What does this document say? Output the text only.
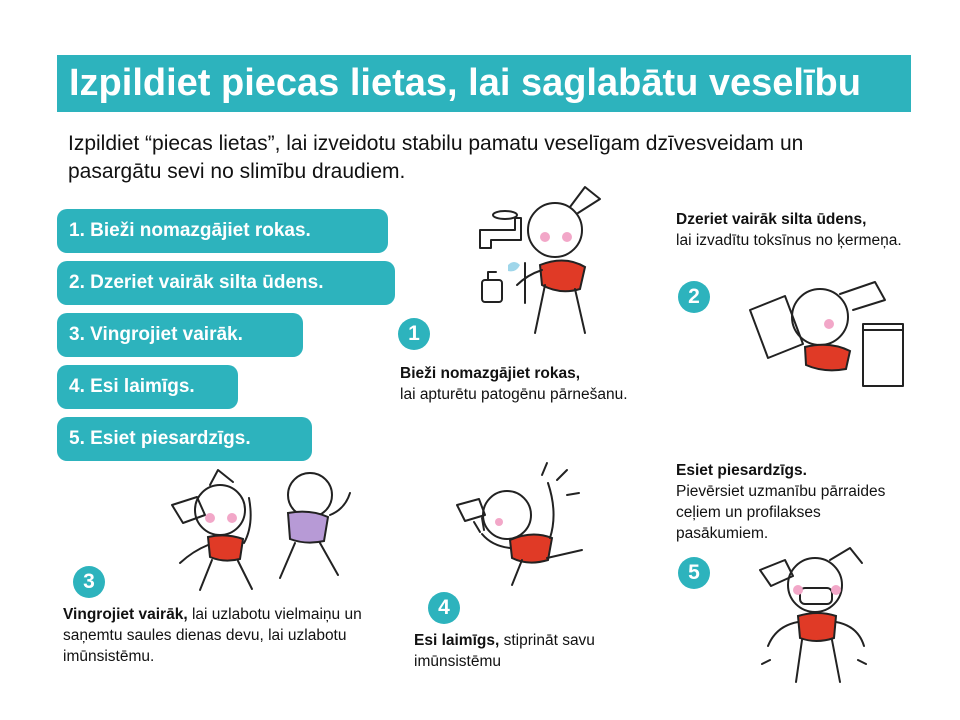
Izpildiet piecas lietas, lai saglabātu veselību
Izpildiet “piecas lietas”, lai izveidotu stabilu pamatu veselīgam dzīvesveidam un pasargātu sevi no slimību draudiem.
1. Bieži nomazgājiet rokas.
2. Dzeriet vairāk silta ūdens.
3. Vingrojiet vairāk.
4. Esi laimīgs.
5. Esiet piesardzīgs.
1
Bieži nomazgājiet rokas,
lai apturētu patogēnu pārnešanu.
2
Dzeriet vairāk silta ūdens,
lai izvadītu toksīnus no ķermeņa.
3
Vingrojiet vairāk, lai uzlabotu vielmaiņu un saņemtu saules dienas devu, lai uzlabotu imūnsistēmu.
4
Esi laimīgs, stiprināt savu imūnsistēmu
5
Esiet piesardzīgs.
Pievērsiet uzmanību pārraides ceļiem un profilakses pasākumiem.
